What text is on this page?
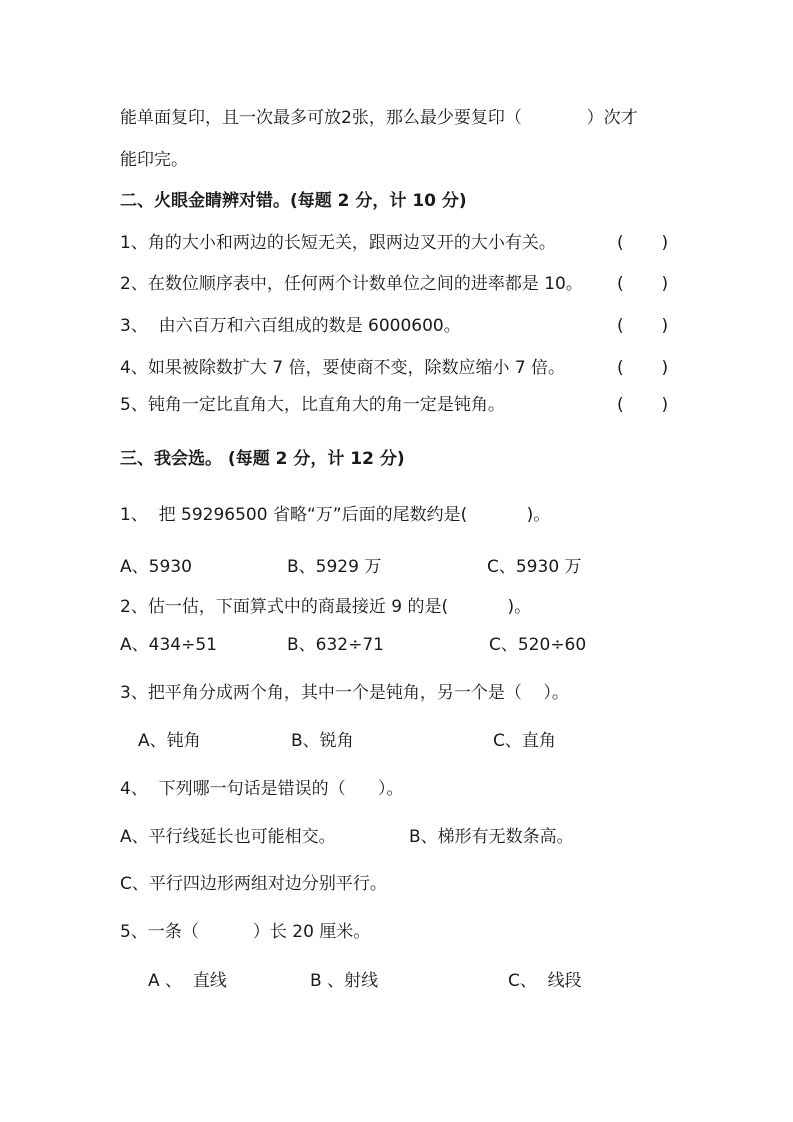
能单面复印，且一次最多可放2张，那么最少要复印（            ）次才
能印完。
二、火眼金睛辨对错。(每题 2 分，计 10 分)
1、角的大小和两边的长短无关，跟两边叉开的大小有关。	(       )
2、在数位顺序表中，任何两个计数单位之间的进率都是 10。 (       )
3、  由六百万和六百组成的数是 6000600。	(       )
4、如果被除数扩大 7 倍，要使商不变，除数应缩小 7 倍。	(       )
5、钝角一定比直角大，比直角大的角一定是钝角。	(       )
三、我会选。 (每题 2 分，计 12 分)
1、  把 59296500 省略“万”后面的尾数约是(           )。
A、5930	B、5929 万	C、5930 万
2、估一估，下面算式中的商最接近 9 的是(           )。
A、434÷51	B、632÷71	C、520÷60
3、把平角分成两个角，其中一个是钝角，另一个是（    ）。
A、钝角	B、锐角	C、直角
4、  下列哪一句话是错误的（      ）。
A、平行线延长也可能相交。	B、梯形有无数条高。
C、平行四边形两组对边分别平行。
5、一条（          ）长 20 厘米。
A 、  直线	B 、射线	C、  线段
